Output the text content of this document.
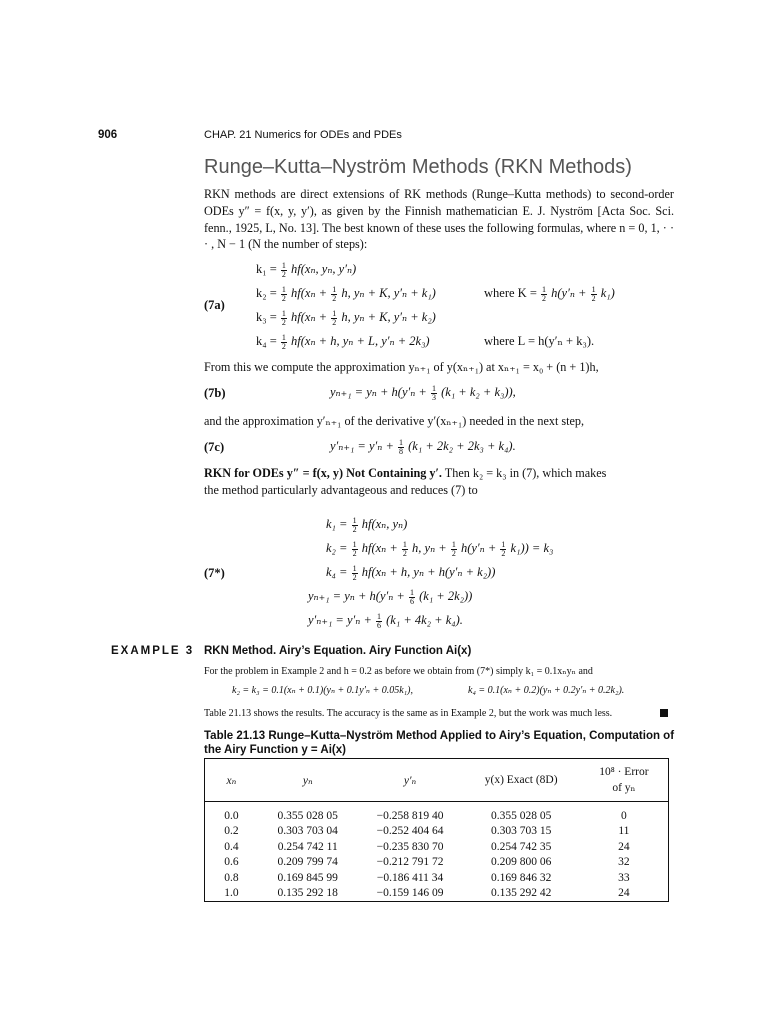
906	CHAP. 21 Numerics for ODEs and PDEs
Runge–Kutta–Nyström Methods (RKN Methods)
RKN methods are direct extensions of RK methods (Runge–Kutta methods) to second-order ODEs y″ = f(x, y, y′), as given by the Finnish mathematician E. J. Nyström [Acta Soc. Sci. fenn., 1925, L, No. 13]. The best known of these uses the following formulas, where n = 0, 1, · · · , N − 1 (N the number of steps):
(7a)
$k_1 = \frac{1}{2} hf(x_n$, yₙ, y′ₙ)
$k_2 = \frac{1}{2} hf(x_n + \frac{1}{2} h$, yₙ + K, y′ₙ + k₁)	where $K = \frac{1}{2} h(y'_n + \frac{1}{2} k_1)$
$k_3 = \frac{1}{2} hf(x_n + \frac{1}{2} h$, yₙ + K, y′ₙ + k₂)
$k_4 = \frac{1}{2} hf(x_n + h$, yₙ + L, y′ₙ + 2k₃)	where L = h(y′ₙ + k₃).
From this we compute the approximation yₙ₊₁ of y(xₙ₊₁) at xₙ₊₁ = x₀ + (n + 1)h,
(7b)	$y_{n+1} = y_n + h(y'_n + \frac{1}{3} (k_1 + k_2 + k_3))$,
and the approximation y′ₙ₊₁ of the derivative y′(xₙ₊₁) needed in the next step,
(7c)	$y'_{n+1} = y'_n + \frac{1}{8} (k_1 + 2k_2 + 2k_3 + k_4)$.
RKN for ODEs y″ = f(x, y) Not Containing y′. Then k₂ = k₃ in (7), which makes
the method particularly advantageous and reduces (7) to
(7*)
$k_1 = \frac{1}{2} hf(x_n$, yₙ)
$k_2 = \frac{1}{2} hf(x_n + \frac{1}{2} h$, $y_n + \frac{1}{2} h(y'_n + \frac{1}{2} k_1)) = k_3$
$k_4 = \frac{1}{2} hf(x_n + h$, yₙ + h(y′ₙ + k₂))
$y_{n+1} = y_n + h(y'_n + \frac{1}{6} (k_1 + 2k_2))$
$y'_{n+1} = y'_n + \frac{1}{6} (k_1 + 4k_2 + k_4)$.
EXAMPLE 3 RKN Method. Airy’s Equation. Airy Function Ai(x)
For the problem in Example 2 and h = 0.2 as before we obtain from (7*) simply k₁ = 0.1xₙyₙ and
k₂ = k₃ = 0.1(xₙ + 0.1)(yₙ + 0.1y′ₙ + 0.05k₁),	k₄ = 0.1(xₙ + 0.2)(yₙ + 0.2y′ₙ + 0.2k₂).
Table 21.13 shows the results. The accuracy is the same as in Example 2, but the work was much less.
Table 21.13 Runge–Kutta–Nyström Method Applied to Airy’s Equation, Computation of
the Airy Function y = Ai(x)
xₙ	yₙ	y′ₙ	y(x) Exact (8D)	10⁸ · Error
of yₙ

0.0	0.355 028 05	−0.258 819 40	0.355 028 05	0
0.2	0.303 703 04	−0.252 404 64	0.303 703 15	11
0.4	0.254 742 11	−0.235 830 70	0.254 742 35	24
0.6	0.209 799 74	−0.212 791 72	0.209 800 06	32
0.8	0.169 845 99	−0.186 411 34	0.169 846 32	33
1.0	0.135 292 18	−0.159 146 09	0.135 292 42	24
